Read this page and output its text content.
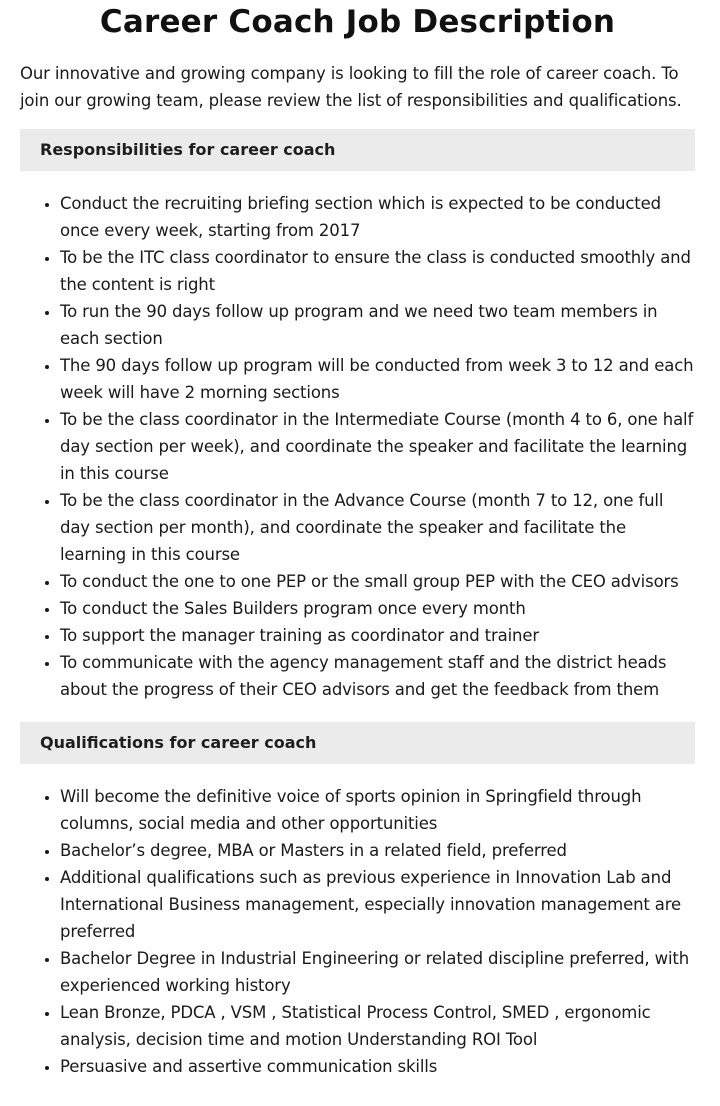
Career Coach Job Description

Our innovative and growing company is looking to fill the role of career coach. To join our growing team, please review the list of responsibilities and qualifications.

Responsibilities for career coach
• Conduct the recruiting briefing section which is expected to be conducted once every week, starting from 2017
• To be the ITC class coordinator to ensure the class is conducted smoothly and the content is right
• To run the 90 days follow up program and we need two team members in each section
• The 90 days follow up program will be conducted from week 3 to 12 and each week will have 2 morning sections
• To be the class coordinator in the Intermediate Course (month 4 to 6, one half day section per week), and coordinate the speaker and facilitate the learning in this course
• To be the class coordinator in the Advance Course (month 7 to 12, one full day section per month), and coordinate the speaker and facilitate the learning in this course
• To conduct the one to one PEP or the small group PEP with the CEO advisors
• To conduct the Sales Builders program once every month
• To support the manager training as coordinator and trainer
• To communicate with the agency management staff and the district heads about the progress of their CEO advisors and get the feedback from them
Qualifications for career coach
• Will become the definitive voice of sports opinion in Springfield through columns, social media and other opportunities
• Bachelor’s degree, MBA or Masters in a related field, preferred
• Additional qualifications such as previous experience in Innovation Lab and International Business management, especially innovation management are preferred
• Bachelor Degree in Industrial Engineering or related discipline preferred, with experienced working history
• Lean Bronze, PDCA , VSM , Statistical Process Control, SMED , ergonomic analysis, decision time and motion Understanding ROI Tool
• Persuasive and assertive communication skills
